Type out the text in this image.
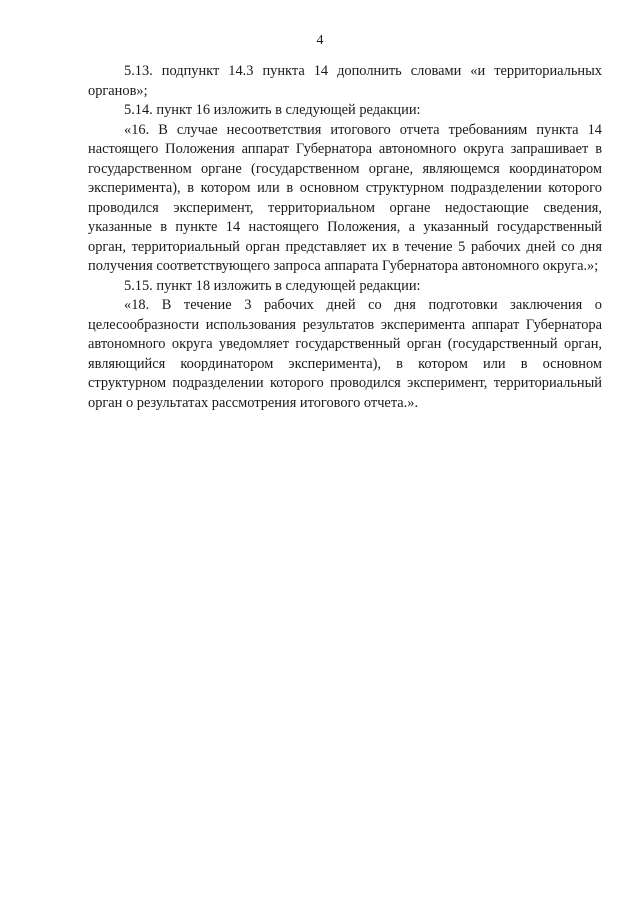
4

5.13. подпункт 14.3 пункта 14 дополнить словами «и территориальных органов»;

5.14. пункт 16 изложить в следующей редакции:

«16. В случае несоответствия итогового отчета требованиям пункта 14 настоящего Положения аппарат Губернатора автономного округа запрашивает в государственном органе (государственном органе, являющемся координатором эксперимента), в котором или в основном структурном подразделении которого проводился эксперимент, территориальном органе недостающие сведения, указанные в пункте 14 настоящего Положения, а указанный государственный орган, территориальный орган представляет их в течение 5 рабочих дней со дня получения соответствующего запроса аппарата Губернатора автономного округа.»;

5.15. пункт 18 изложить в следующей редакции:

«18. В течение 3 рабочих дней со дня подготовки заключения о целесообразности использования результатов эксперимента аппарат Губернатора автономного округа уведомляет государственный орган (государственный орган, являющийся координатором эксперимента), в котором или в основном структурном подразделении которого проводился эксперимент, территориальный орган о результатах рассмотрения итогового отчета.».
